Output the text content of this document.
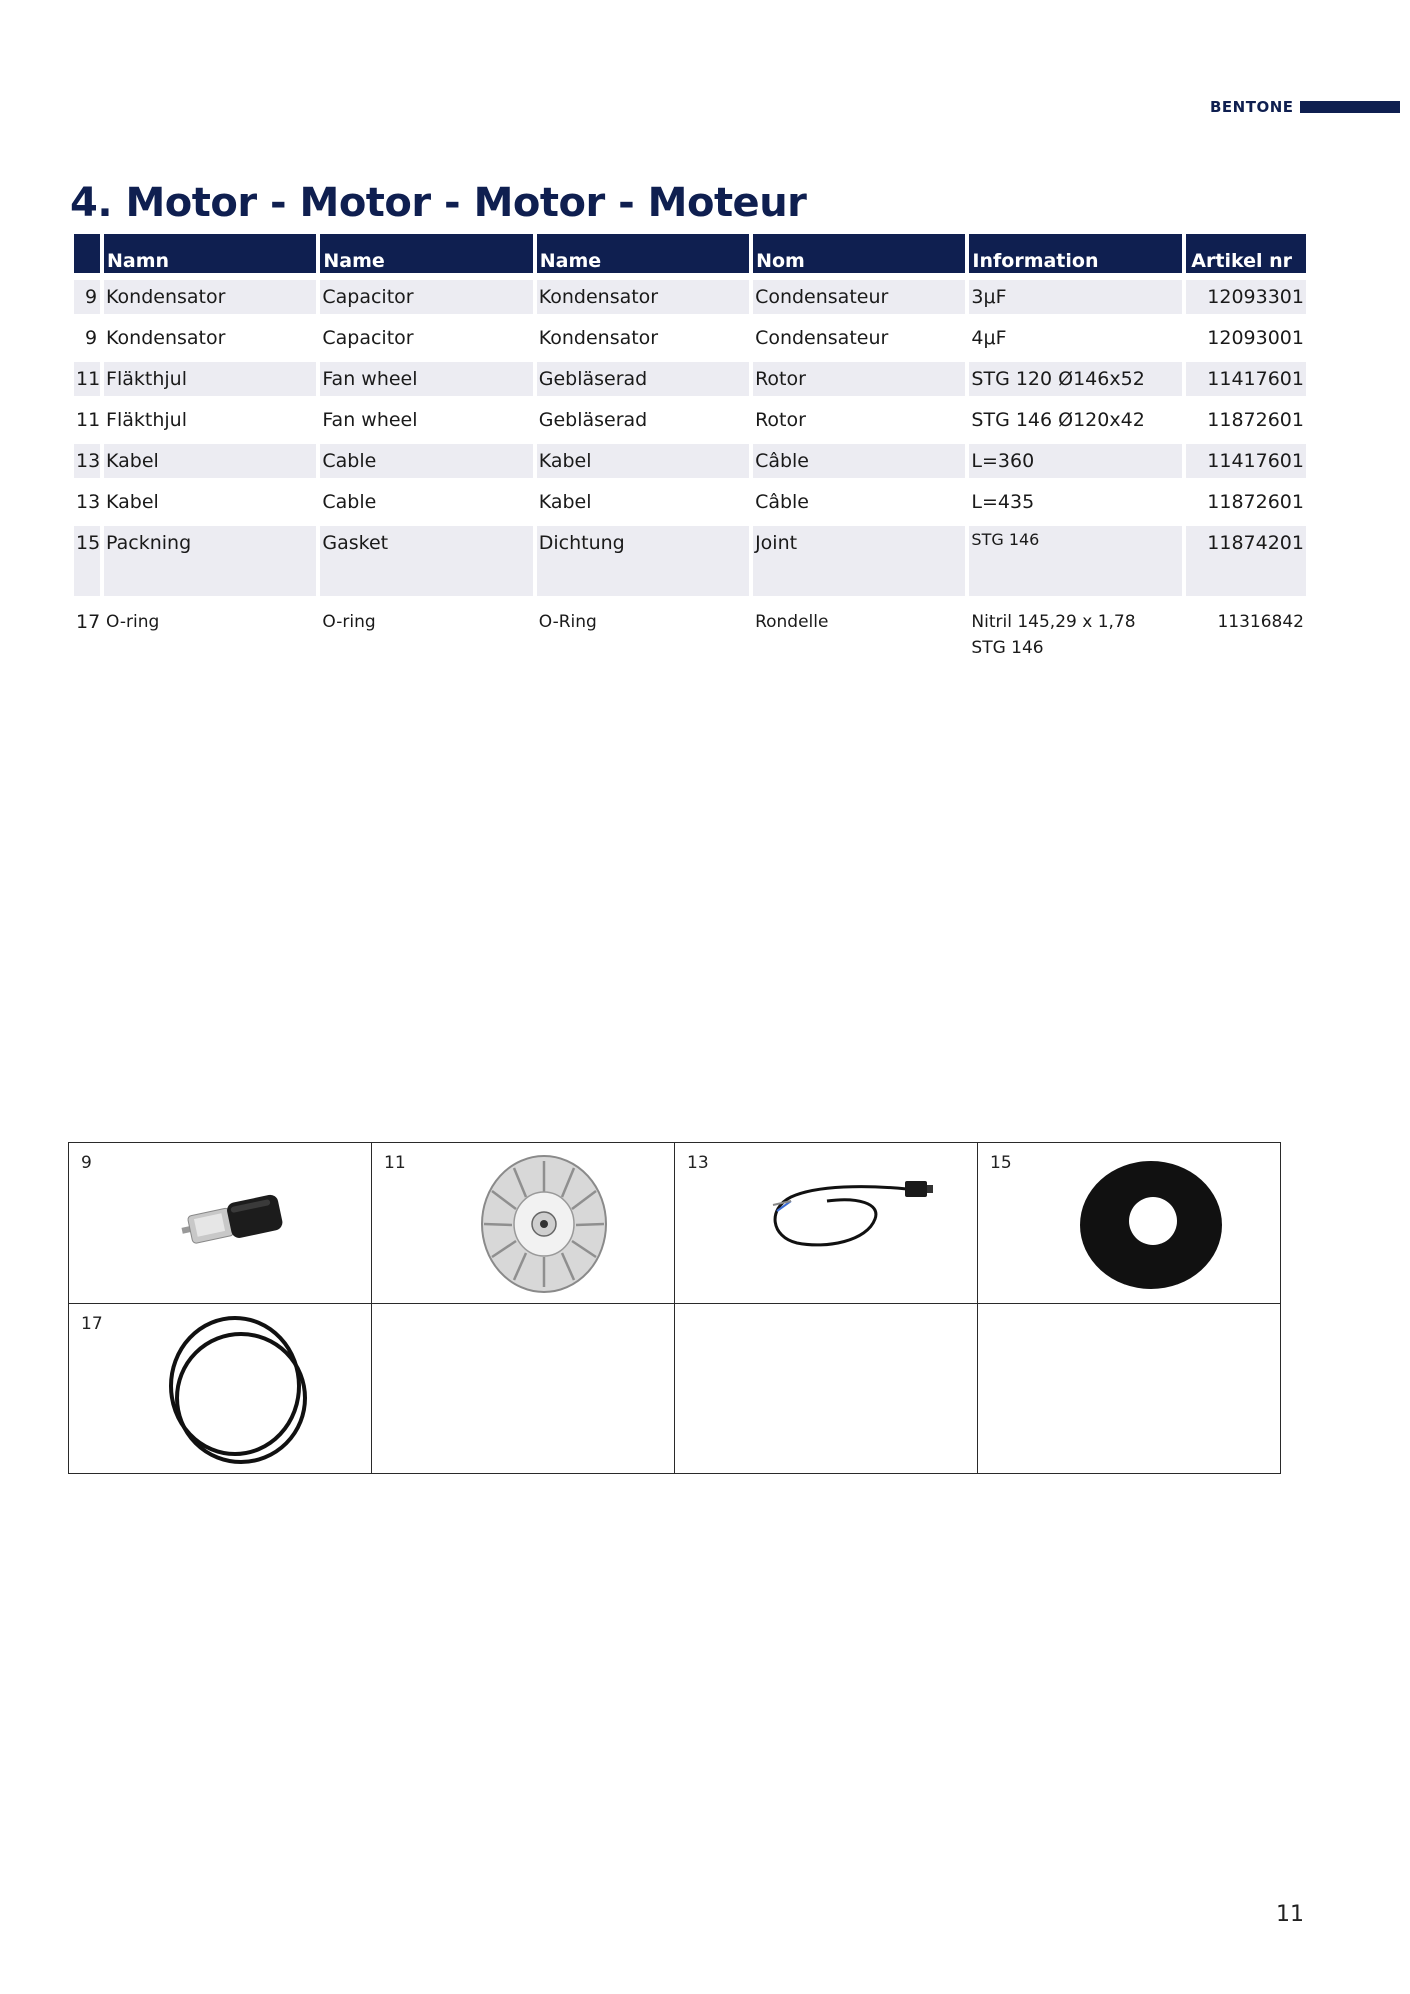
BENTONE
4. Motor - Motor - Motor - Moteur
	Namn	Name	Name	Nom	Information	Artikel nr

9	Kondensator	Capacitor	Kondensator	Condensateur	3μF	12093301

9	Kondensator	Capacitor	Kondensator	Condensateur	4μF	12093001

11	Fläkthjul	Fan wheel	Gebläserad	Rotor	STG 120 Ø146x52	11417601

11	Fläkthjul	Fan wheel	Gebläserad	Rotor	STG 146 Ø120x42	11872601

13	Kabel	Cable	Kabel	Câble	L=360	11417601

13	Kabel	Cable	Kabel	Câble	L=435	11872601

15	Packning	Gasket	Dichtung	Joint	STG 146	11874201

17	O-ring	O-ring	O-Ring	Rondelle	Nitril 145,29 x 1,78
STG 146	11316842
9	11	13	15

17			

11
